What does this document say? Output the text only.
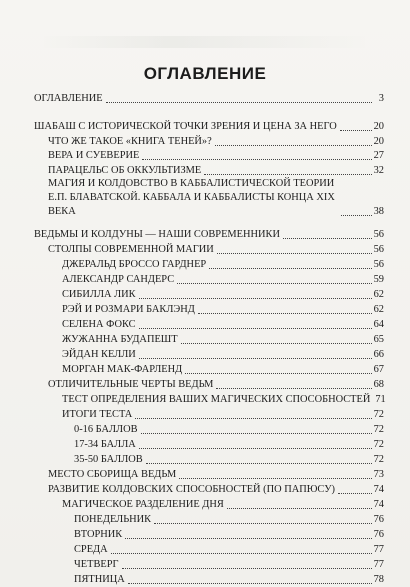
ОГЛАВЛЕНИЕ
ОГЛАВЛЕНИЕ	3
ШАБАШ С ИСТОРИЧЕСКОЙ ТОЧКИ ЗРЕНИЯ И ЦЕНА ЗА НЕГО	20
ЧТО ЖЕ ТАКОЕ «КНИГА ТЕНЕЙ»?	20
ВЕРА И СУЕВЕРИЕ	27
ПАРАЦЕЛЬС ОБ ОККУЛЬТИЗМЕ	32
МАГИЯ И КОЛДОВСТВО В КАББАЛИСТИЧЕСКОЙ ТЕОРИИ Е.П. БЛАВАТСКОЙ. КАББАЛА И КАББАЛИСТЫ КОНЦА XIX ВЕКА	38
ВЕДЬМЫ И КОЛДУНЫ — НАШИ СОВРЕМЕННИКИ	56
СТОЛПЫ СОВРЕМЕННОЙ МАГИИ	56
ДЖЕРАЛЬД БРОССО ГАРДНЕР	56
АЛЕКСАНДР САНДЕРС	59
СИБИЛЛА ЛИК	62
РЭЙ И РОЗМАРИ БАКЛЭНД	62
СЕЛЕНА ФОКС	64
ЖУЖАННА БУДАПЕШТ	65
ЭЙДАН КЕЛЛИ	66
МОРГАН МАК-ФАРЛЕНД	67
ОТЛИЧИТЕЛЬНЫЕ ЧЕРТЫ ВЕДЬМ	68
ТЕСТ ОПРЕДЕЛЕНИЯ ВАШИХ МАГИЧЕСКИХ СПОСОБНОСТЕЙ 71
ИТОГИ ТЕСТА	72
0-16 БАЛЛОВ	72
17-34 БАЛЛА	72
35-50 БАЛЛОВ	72
МЕСТО СБОРИЩА ВЕДЬМ	73
РАЗВИТИЕ КОЛДОВСКИХ СПОСОБНОСТЕЙ (ПО ПАПЮСУ)	74
МАГИЧЕСКОЕ РАЗДЕЛЕНИЕ ДНЯ	74
ПОНЕДЕЛЬНИК	76
ВТОРНИК	76
СРЕДА	77
ЧЕТВЕРГ	77
ПЯТНИЦА	78
